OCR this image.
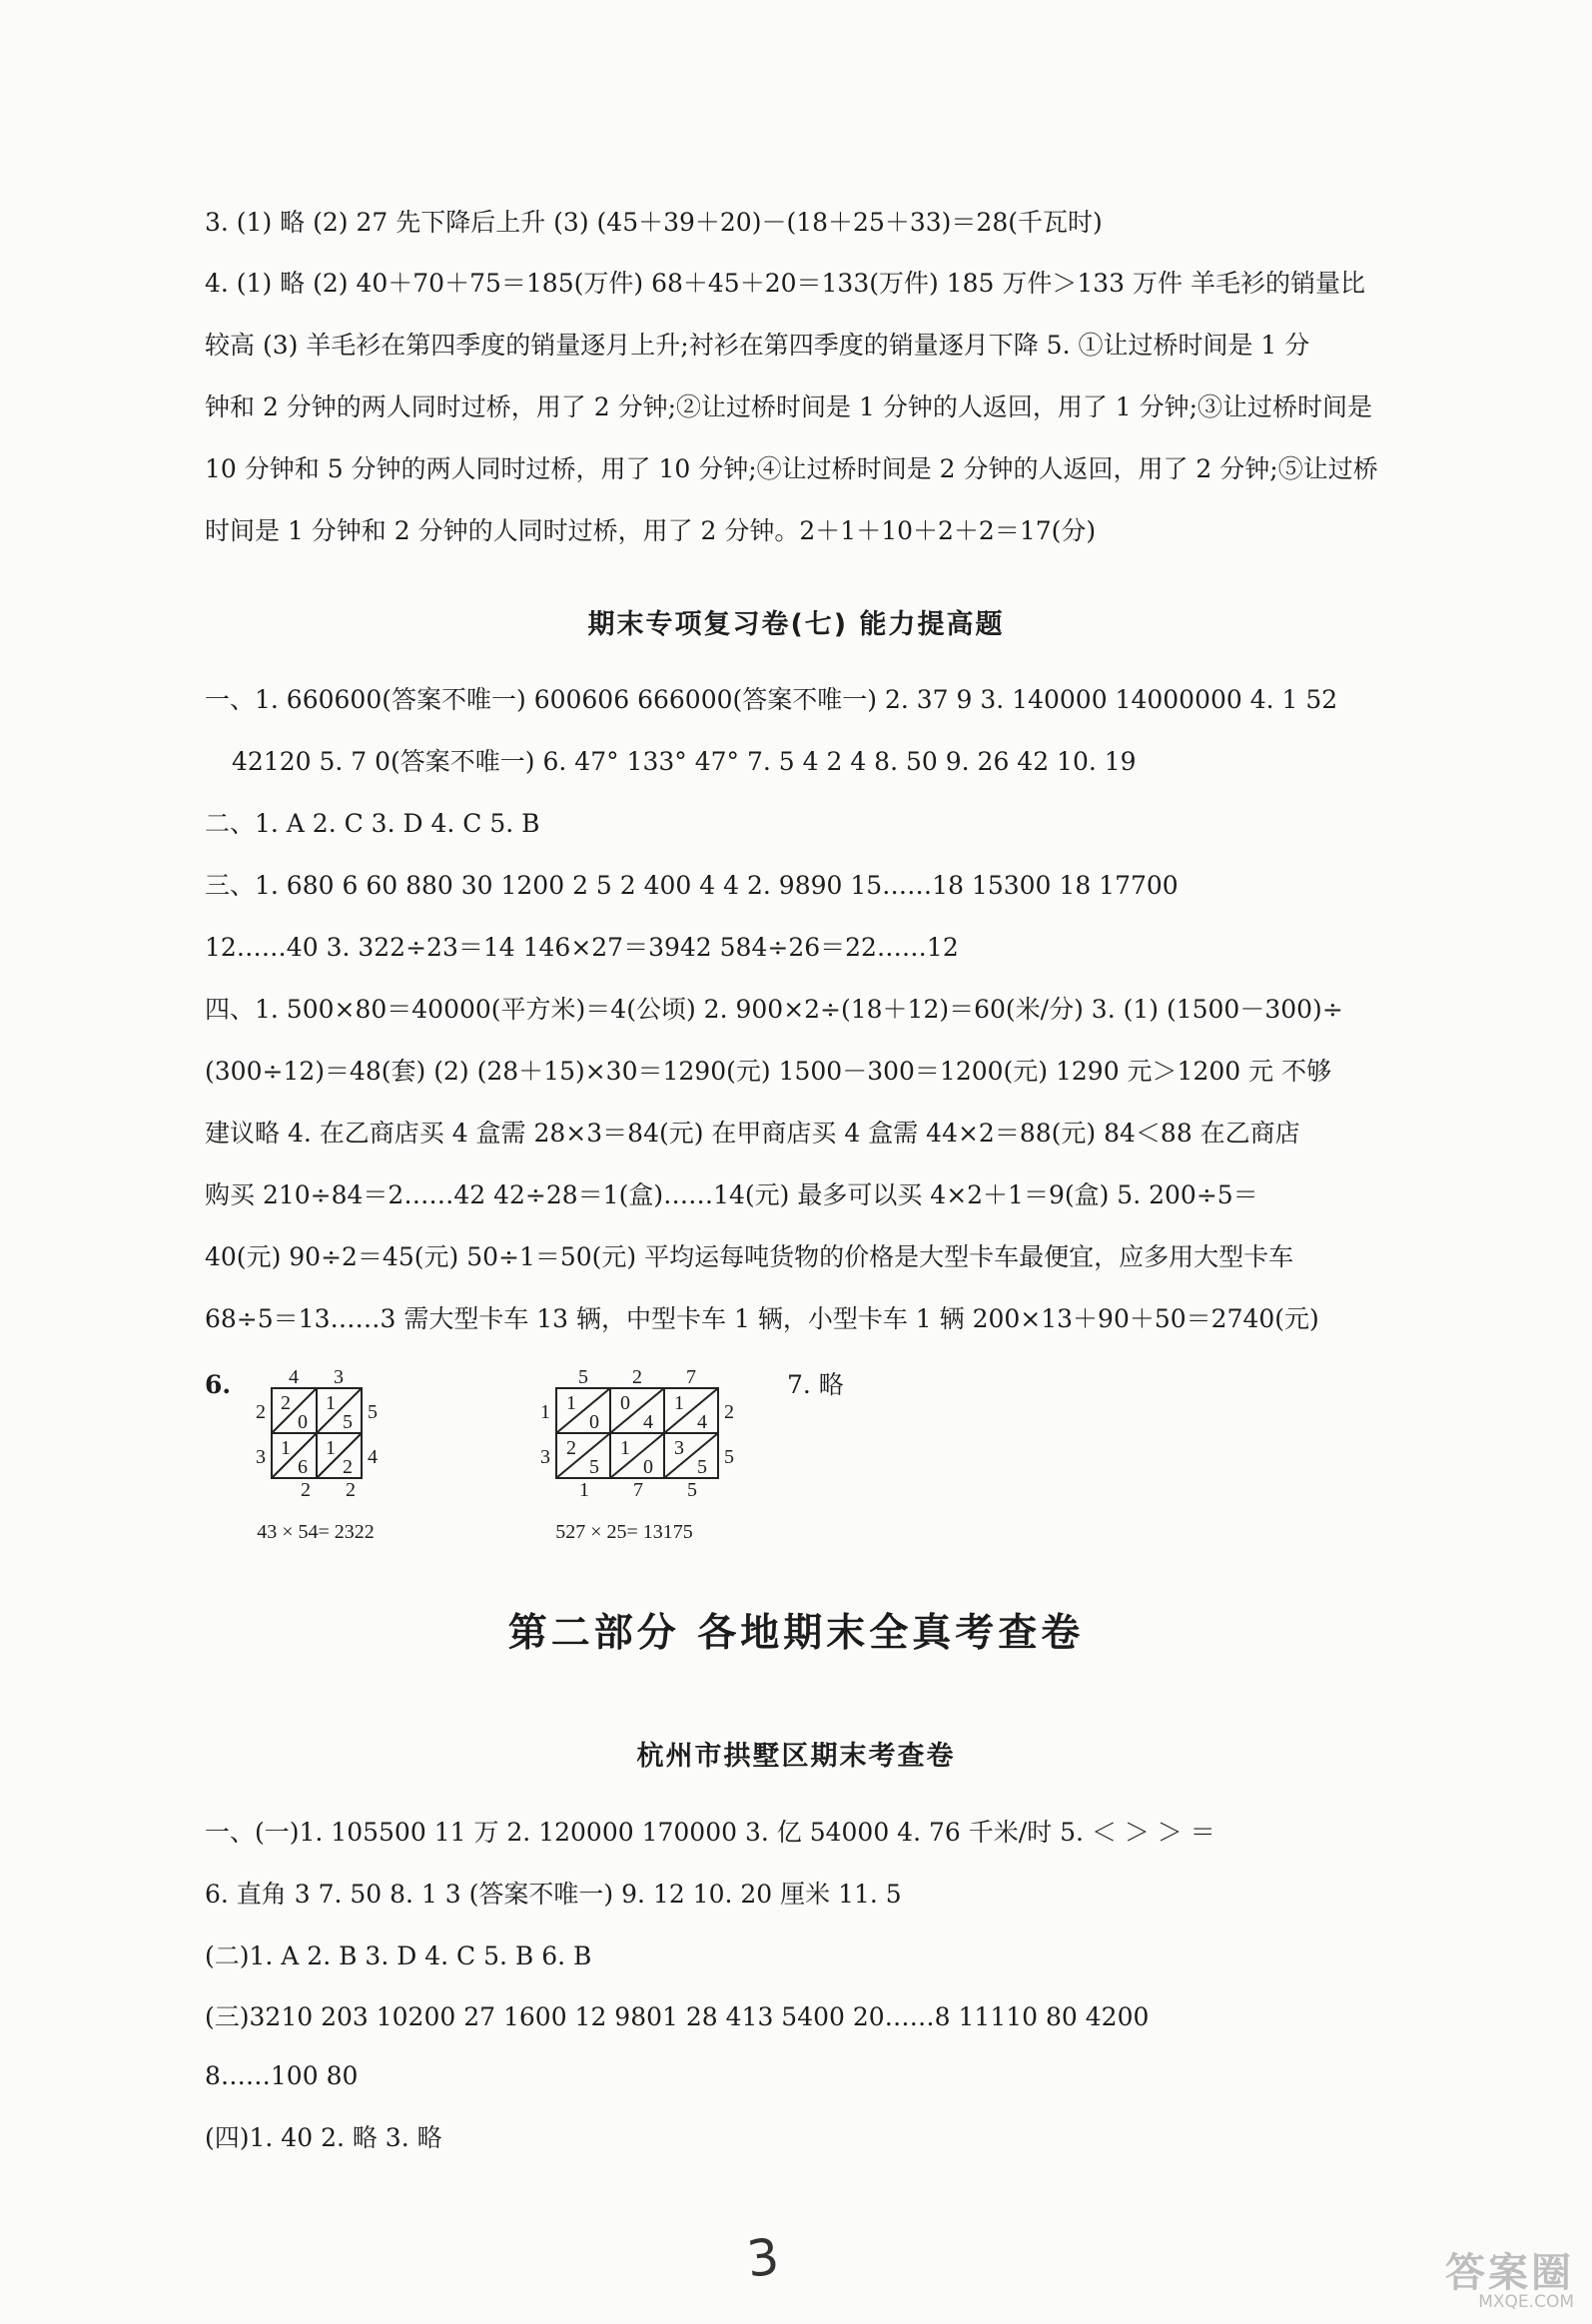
3. (1) 略 (2) 27 先下降后上升 (3) (45＋39＋20)－(18＋25＋33)＝28(千瓦时)
4. (1) 略 (2) 40＋70＋75＝185(万件) 68＋45＋20＝133(万件) 185 万件＞133 万件 羊毛衫的销量比
较高 (3) 羊毛衫在第四季度的销量逐月上升;衬衫在第四季度的销量逐月下降 5. ①让过桥时间是 1 分
钟和 2 分钟的两人同时过桥，用了 2 分钟;②让过桥时间是 1 分钟的人返回，用了 1 分钟;③让过桥时间是
10 分钟和 5 分钟的两人同时过桥，用了 10 分钟;④让过桥时间是 2 分钟的人返回，用了 2 分钟;⑤让过桥
时间是 1 分钟和 2 分钟的人同时过桥，用了 2 分钟。2＋1＋10＋2＋2＝17(分)
期末专项复习卷(七) 能力提高题
一、1. 660600(答案不唯一) 600606 666000(答案不唯一) 2. 37 9 3. 140000 14000000 4. 1 52
42120 5. 7 0(答案不唯一) 6. 47° 133° 47° 7. 5 4 2 4 8. 50 9. 26 42 10. 19
二、1. A 2. C 3. D 4. C 5. B
三、1. 680 6 60 880 30 1200 2 5 2 400 4 4 2. 9890 15……18 15300 18 17700
12……40 3. 322÷23＝14 146×27＝3942 584÷26＝22……12
四、1. 500×80＝40000(平方米)＝4(公顷) 2. 900×2÷(18＋12)＝60(米/分) 3. (1) (1500－300)÷
(300÷12)＝48(套) (2) (28＋15)×30＝1290(元) 1500－300＝1200(元) 1290 元＞1200 元 不够
建议略 4. 在乙商店买 4 盒需 28×3＝84(元) 在甲商店买 4 盒需 44×2＝88(元) 84＜88 在乙商店
购买 210÷84＝2……42 42÷28＝1(盒)……14(元) 最多可以买 4×2＋1＝9(盒) 5. 200÷5＝
40(元) 90÷2＝45(元) 50÷1＝50(元) 平均运每吨货物的价格是大型卡车最便宜，应多用大型卡车
68÷5＝13……3 需大型卡车 13 辆，中型卡车 1 辆，小型卡车 1 辆 200×13＋90＋50＝2740(元)
6.	7. 略
4 3
2
3
5
4
2
0
1
5
1
6
1
2
2 2
43 × 54= 2322
5 2 7
1
3
2
5
1
0
0
4
1
4
2
5
1
0
3
5
1 7 5
527 × 25= 13175
第二部分 各地期末全真考查卷
杭州市拱墅区期末考查卷
一、(一)1. 105500 11 万 2. 120000 170000 3. 亿 54000 4. 76 千米/时 5. ＜ ＞ ＞ ＝
6. 直角 3 7. 50 8. 1 3 (答案不唯一) 9. 12 10. 20 厘米 11. 5
(二)1. A 2. B 3. D 4. C 5. B 6. B
(三)3210 203 10200 27 1600 12 9801 28 413 5400 20……8 11110 80 4200
8……100 80
(四)1. 40 2. 略 3. 略
3	答案圈
MXQE.COM
